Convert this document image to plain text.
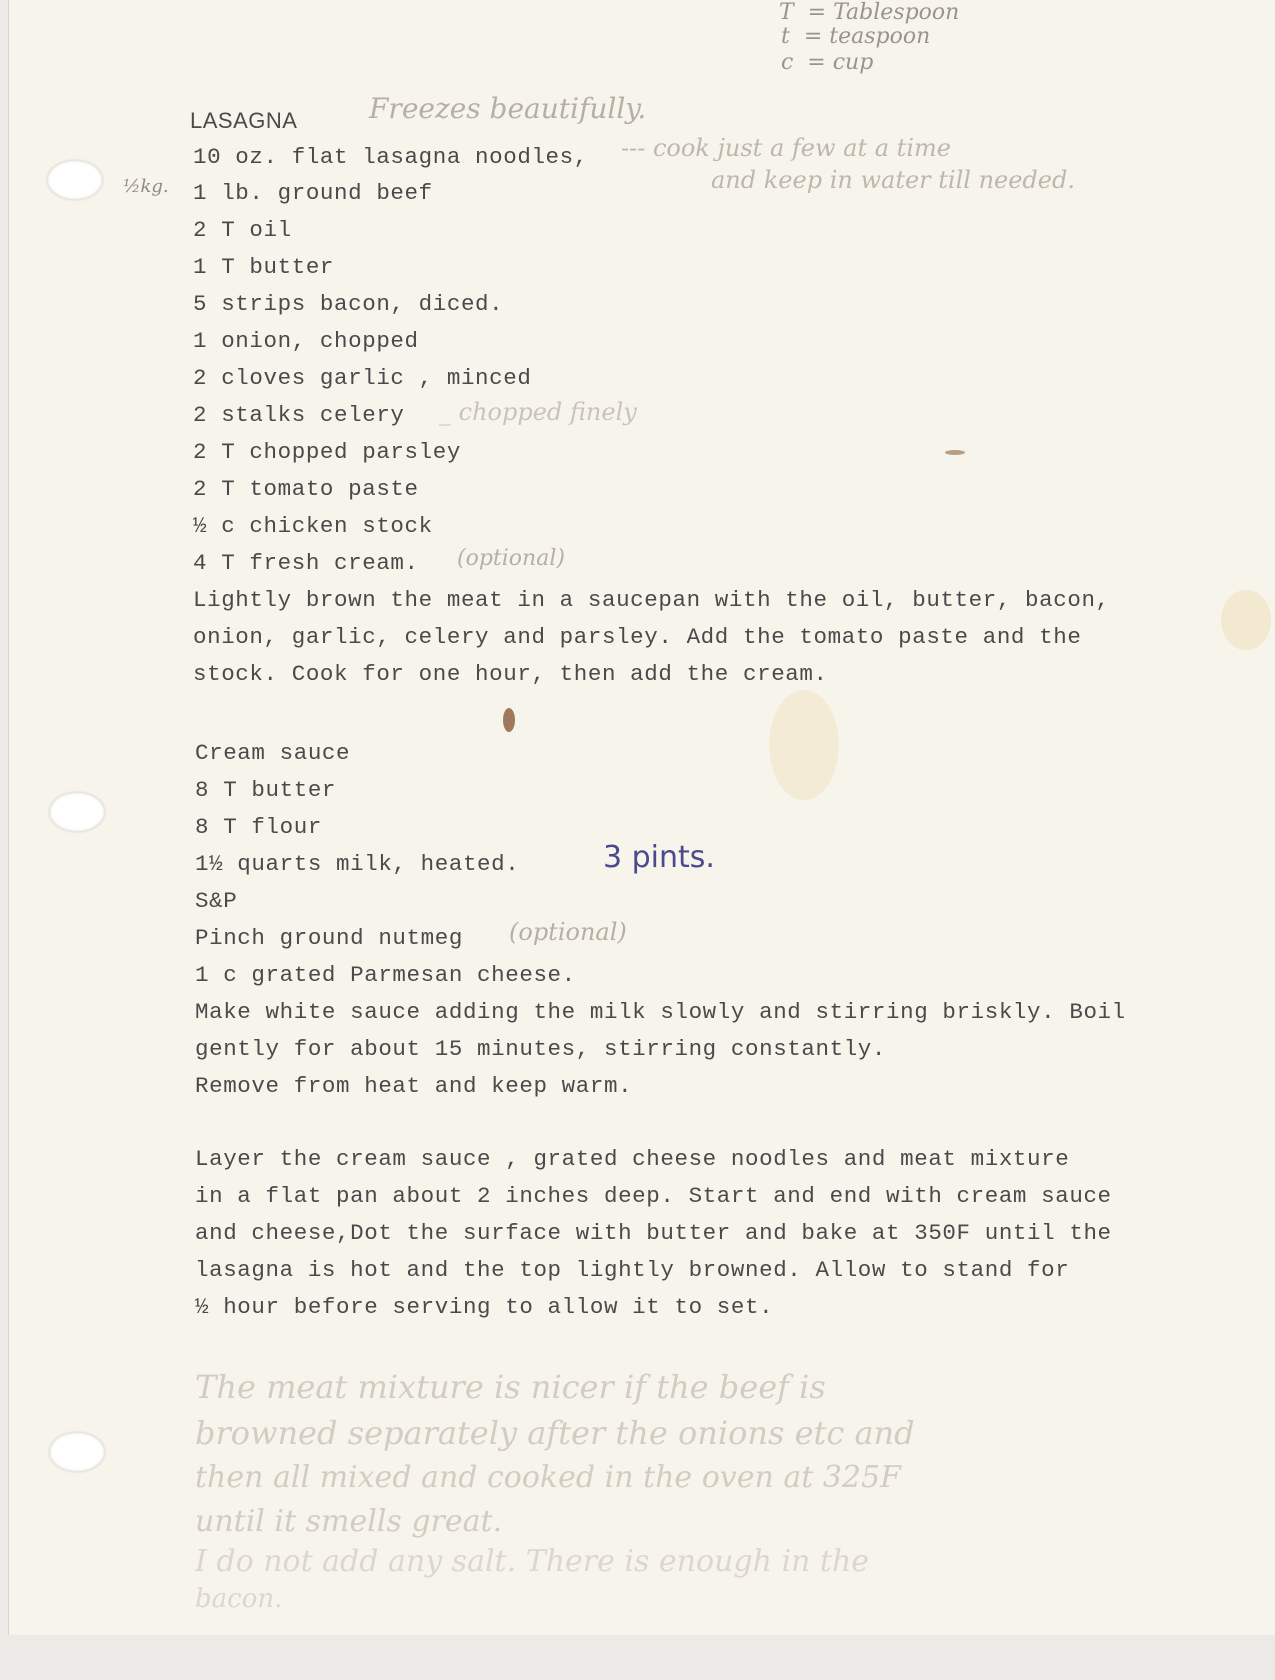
T  = Tablespoon
t  = teaspoon
c  = cup
LASAGNA	Freezes beautifully.
½kg.
--- cook just a few at a time
and keep in water till needed.
10 oz. flat lasagna noodles,
1 lb. ground beef
2 T oil
1 T butter
5 strips bacon, diced.
1 onion, chopped
2 cloves garlic , minced
2 stalks celery
2 T chopped parsley
2 T tomato paste
½ c chicken stock
4 T fresh cream.
_ chopped finely
(optional)
Lightly brown the meat in a saucepan with the oil, butter, bacon,
onion, garlic, celery and parsley. Add the tomato paste and the
stock. Cook for one hour, then add the cream.
Cream sauce
8 T butter
8 T flour
1½ quarts milk, heated.
S&P
Pinch ground nutmeg
1 c grated Parmesan cheese.
3 pints.
(optional)
Make white sauce adding the milk slowly and stirring briskly. Boil
gently for about 15 minutes, stirring constantly.
Remove from heat and keep warm.
Layer the cream sauce , grated cheese noodles and meat mixture
in a flat pan about 2 inches deep. Start and end with cream sauce
and cheese,Dot the surface with butter and bake at 350F until the
lasagna is hot and the top lightly browned. Allow to stand for
½ hour before serving to allow it to set.
The meat mixture is nicer if the beef is
browned separately after the onions etc and
then all mixed and cooked in the oven at 325F
until it smells great.
I do not add any salt. There is enough in the
bacon.
